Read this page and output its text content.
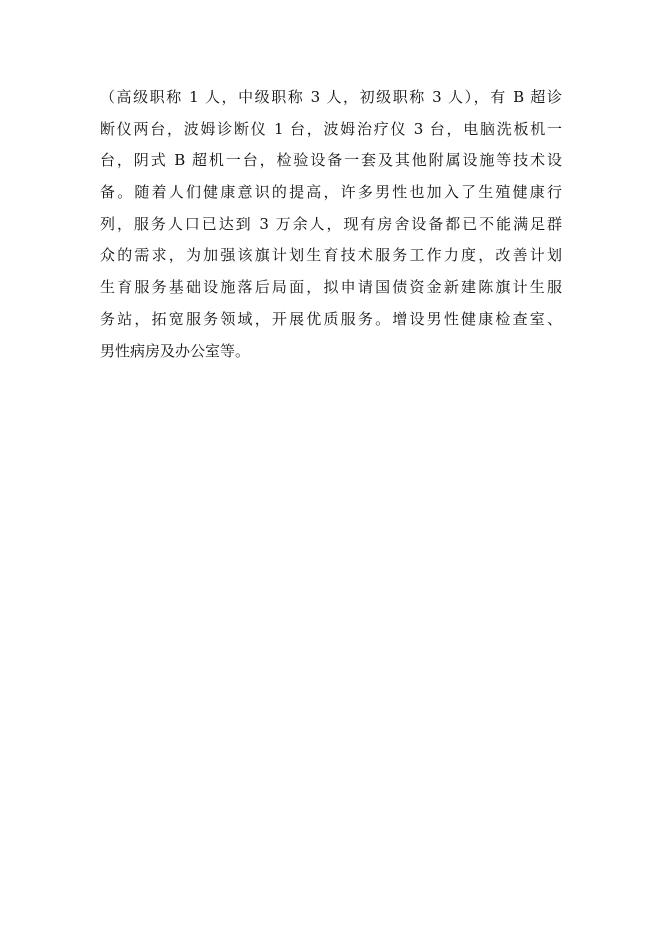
（高级职称 1 人，中级职称 3 人，初级职称 3 人），有 B 超诊
断仪两台，波姆诊断仪 1 台，波姆治疗仪 3 台，电脑洗板机一
台，阴式 B 超机一台，检验设备一套及其他附属设施等技术设
备。随着人们健康意识的提高，许多男性也加入了生殖健康行
列，服务人口已达到 3 万余人，现有房舍设备都已不能满足群
众的需求，为加强该旗计划生育技术服务工作力度，改善计划
生育服务基础设施落后局面，拟申请国债资金新建陈旗计生服
务站，拓宽服务领域，开展优质服务。增设男性健康检查室、
男性病房及办公室等。
